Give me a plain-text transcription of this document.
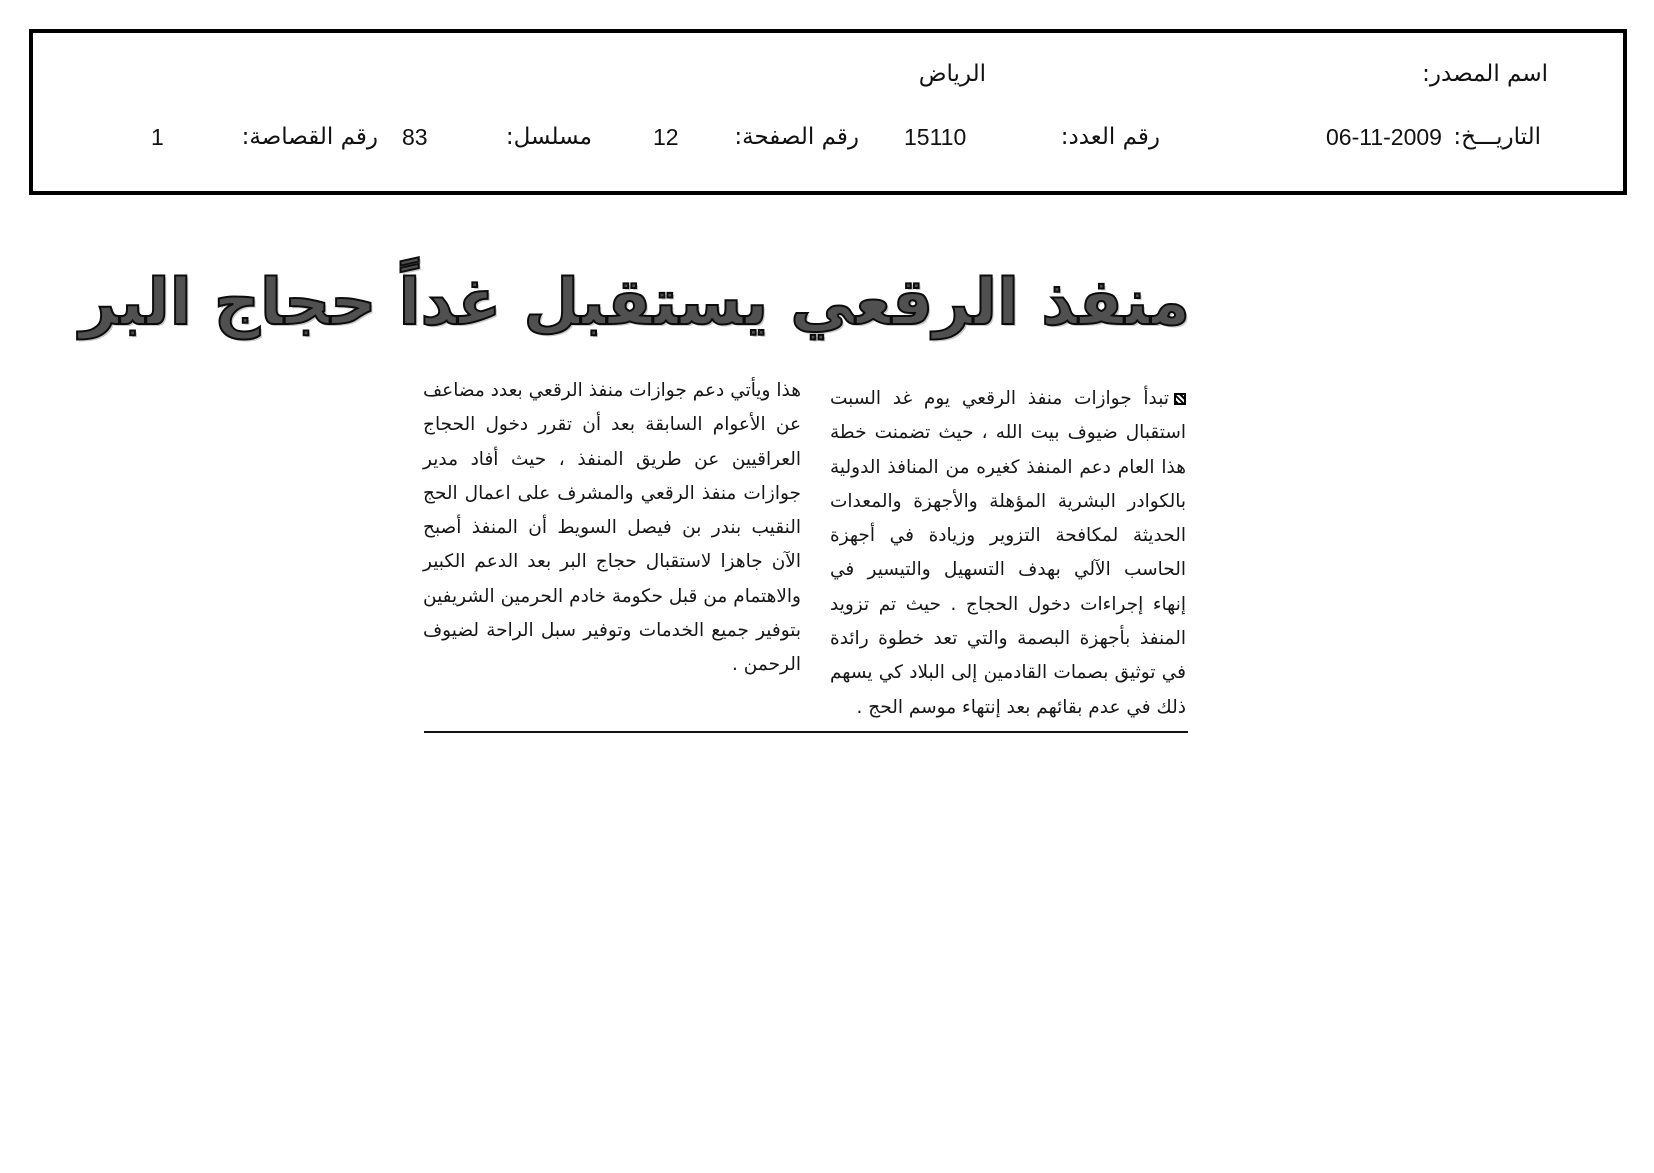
اسم المصدر:
الرياض
التاريـــخ:
06-11-2009
رقم العدد:
15110
رقم الصفحة:
12
مسلسل:
83
رقم القصاصة:
1
منفذ الرقعي يستقبل غداً حجاج البر
تبدأ جوازات منفذ الرقعي يوم غد السبت استقبال ضيوف بيت الله ، حيث تضمنت خطة هذا العام دعم المنفذ كغيره من المنافذ الدولية بالكوادر البشرية المؤهلة والأجهزة والمعدات الحديثة لمكافحة التزوير وزيادة في أجهزة الحاسب الآلي بهدف التسهيل والتيسير في إنهاء إجراءات دخول الحجاج . حيث تم تزويد المنفذ بأجهزة البصمة والتي تعد خطوة رائدة في توثيق بصمات القادمين إلى البلاد كي يسهم ذلك في عدم بقائهم بعد إنتهاء موسم الحج .
هذا ويأتي دعم جوازات منفذ الرقعي بعدد مضاعف عن الأعوام السابقة بعد أن تقرر دخول الحجاج العراقيين عن طريق المنفذ ، حيث أفاد مدير جوازات منفذ الرقعي والمشرف على اعمال الحج النقيب بندر بن فيصل السويط أن المنفذ أصبح الآن جاهزا لاستقبال حجاج البر بعد الدعم الكبير والاهتمام من قبل حكومة خادم الحرمين الشريفين بتوفير جميع الخدمات وتوفير سبل الراحة لضيوف الرحمن .
